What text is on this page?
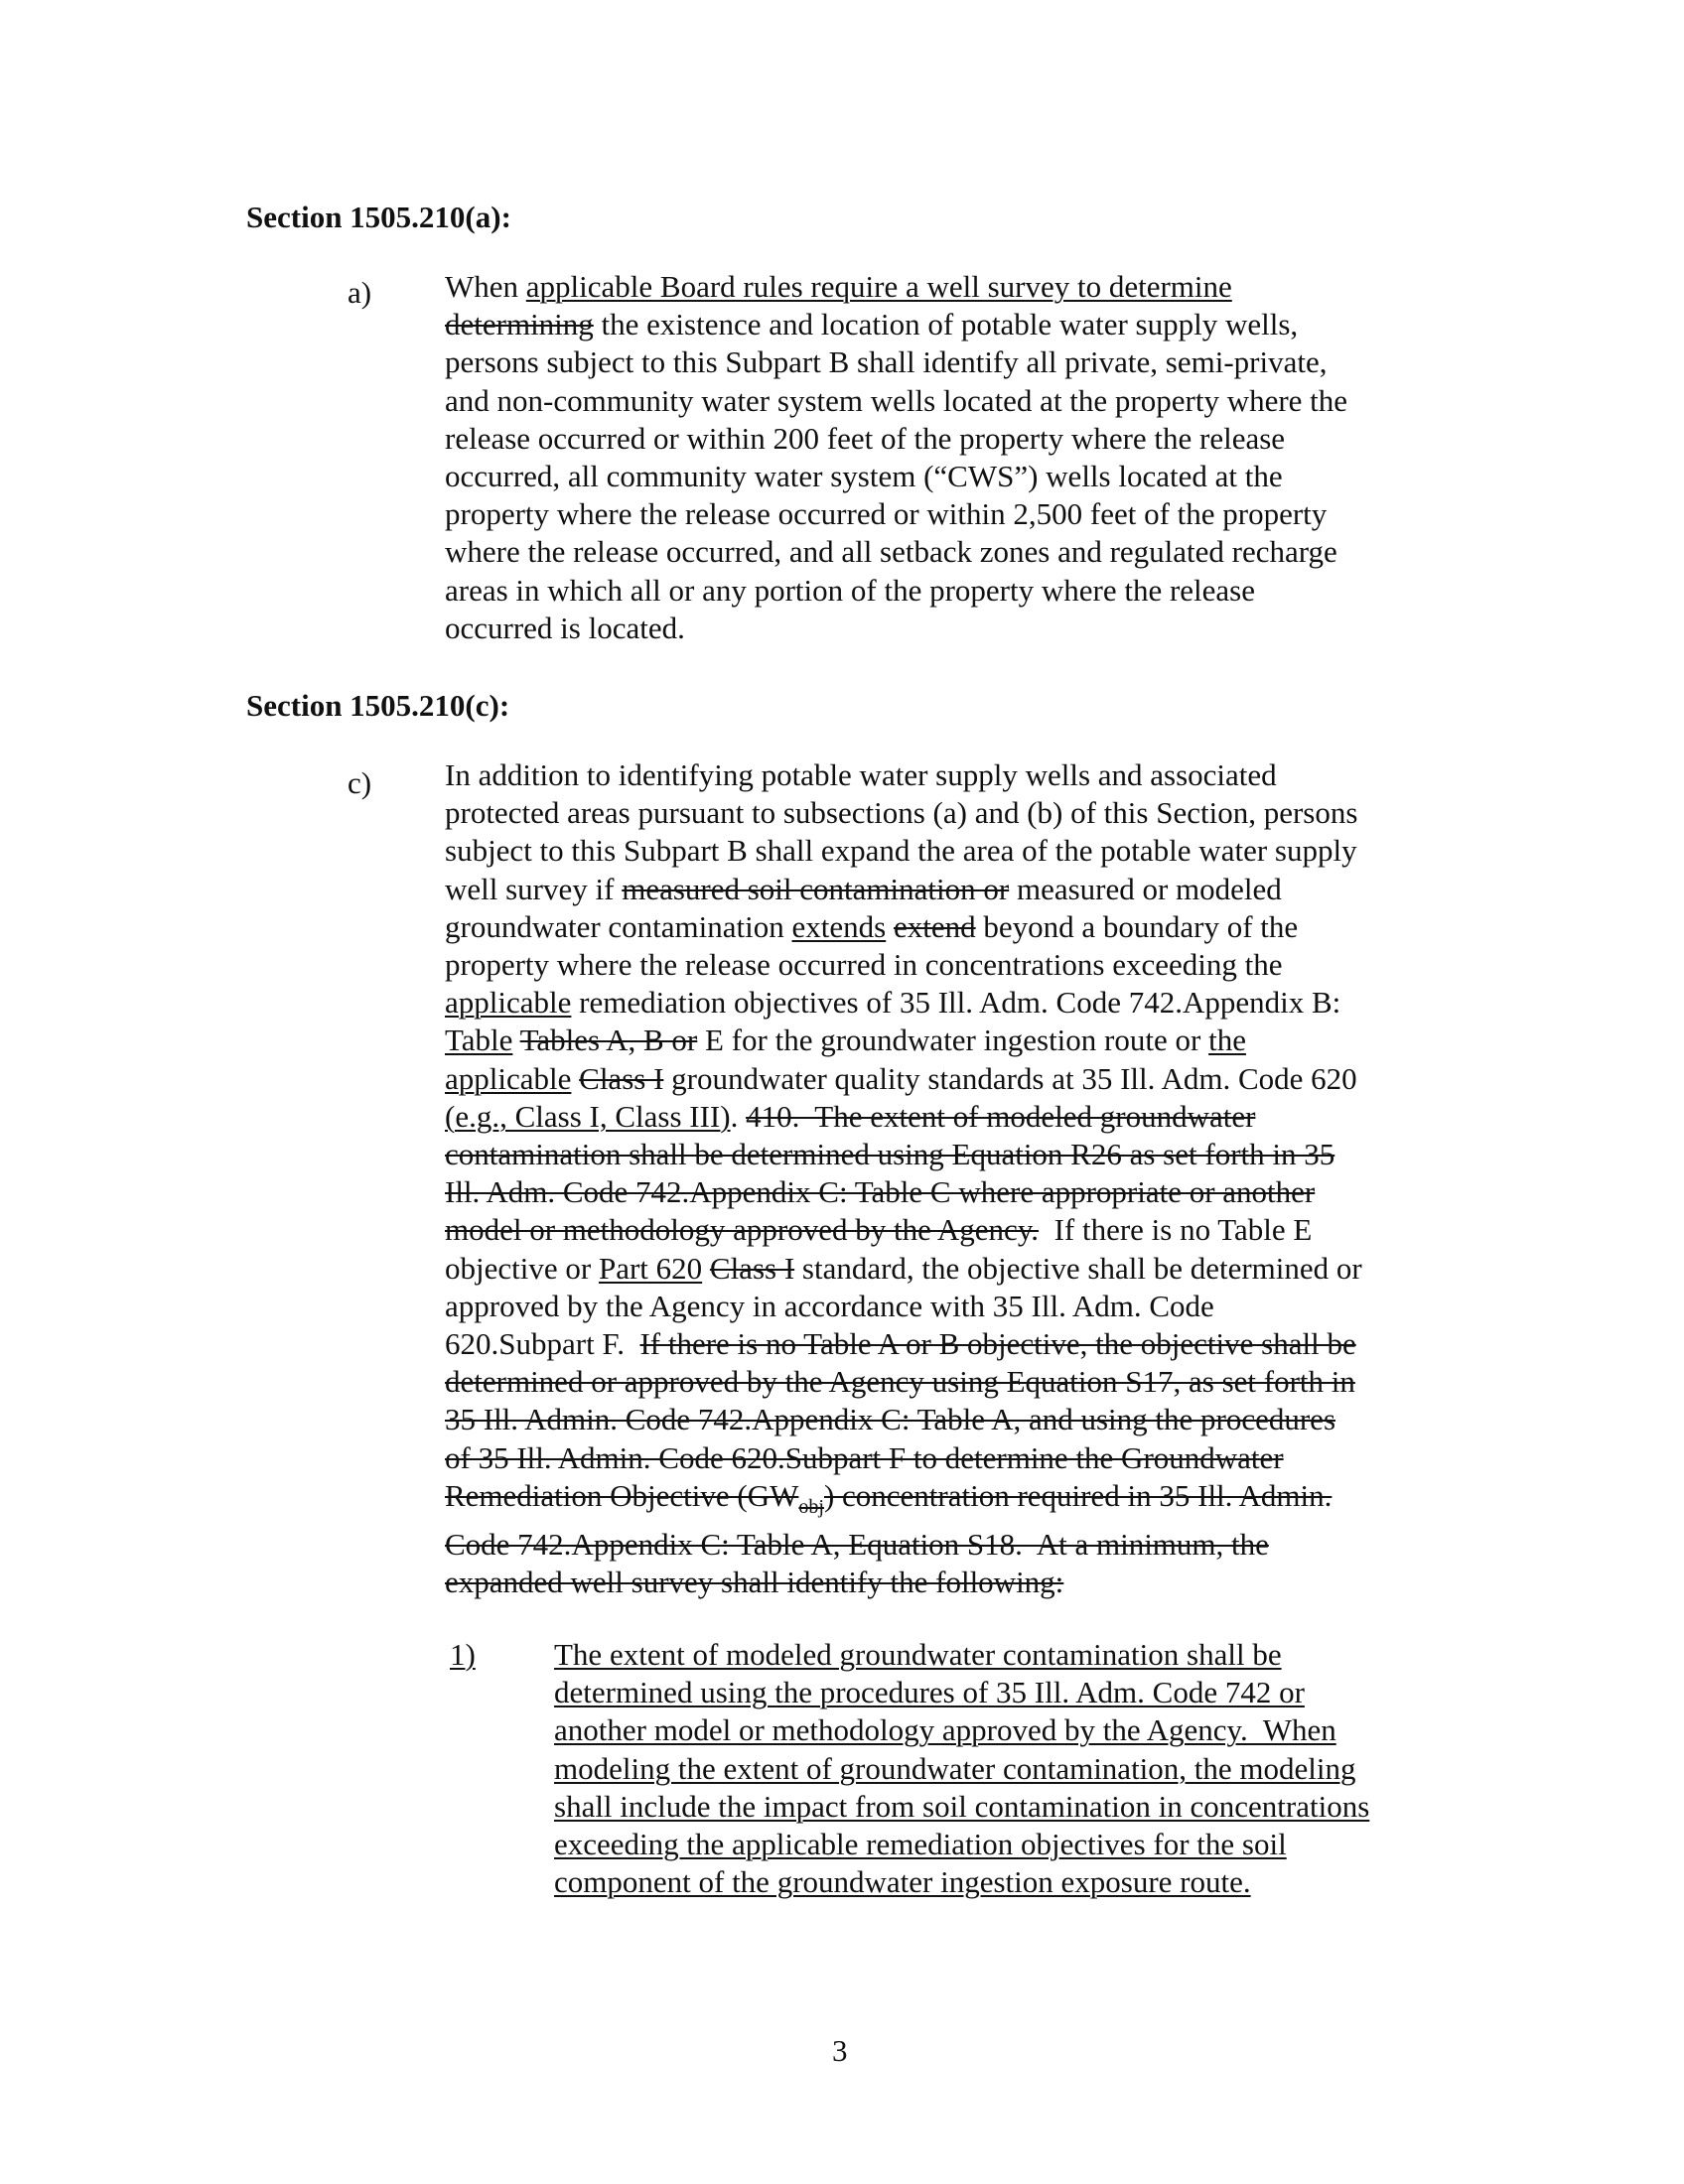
Section 1505.210(a):
a) When applicable Board rules require a well survey to determine
determining the existence and location of potable water supply wells,
persons subject to this Subpart B shall identify all private, semi-private,
and non-community water system wells located at the property where the
release occurred or within 200 feet of the property where the release
occurred, all community water system (“CWS”) wells located at the
property where the release occurred or within 2,500 feet of the property
where the release occurred, and all setback zones and regulated recharge
areas in which all or any portion of the property where the release
occurred is located.
Section 1505.210(c):
c) In addition to identifying potable water supply wells and associated
protected areas pursuant to subsections (a) and (b) of this Section, persons
subject to this Subpart B shall expand the area of the potable water supply
well survey if measured soil contamination or measured or modeled
groundwater contamination extends extend beyond a boundary of the
property where the release occurred in concentrations exceeding the
applicable remediation objectives of 35 Ill. Adm. Code 742.Appendix B:
Table Tables A, B or E for the groundwater ingestion route or the
applicable Class I groundwater quality standards at 35 Ill. Adm. Code 620
(e.g., Class I, Class III). 410.  The extent of modeled groundwater
contamination shall be determined using Equation R26 as set forth in 35
Ill. Adm. Code 742.Appendix C: Table C where appropriate or another
model or methodology approved by the Agency.  If there is no Table E
objective or Part 620 Class I standard, the objective shall be determined or
approved by the Agency in accordance with 35 Ill. Adm. Code
620.Subpart F.  If there is no Table A or B objective, the objective shall be
determined or approved by the Agency using Equation S17, as set forth in
35 Ill. Admin. Code 742.Appendix C: Table A, and using the procedures
of 35 Ill. Admin. Code 620.Subpart F to determine the Groundwater
Remediation Objective $(GW_{obj})$ concentration required in 35 Ill. Admin.
Code 742.Appendix C: Table A, Equation S18.  At a minimum, the
expanded well survey shall identify the following:
1)	The extent of modeled groundwater contamination shall be
determined using the procedures of 35 Ill. Adm. Code 742 or
another model or methodology approved by the Agency.  When
modeling the extent of groundwater contamination, the modeling
shall include the impact from soil contamination in concentrations
exceeding the applicable remediation objectives for the soil
component of the groundwater ingestion exposure route.
3
